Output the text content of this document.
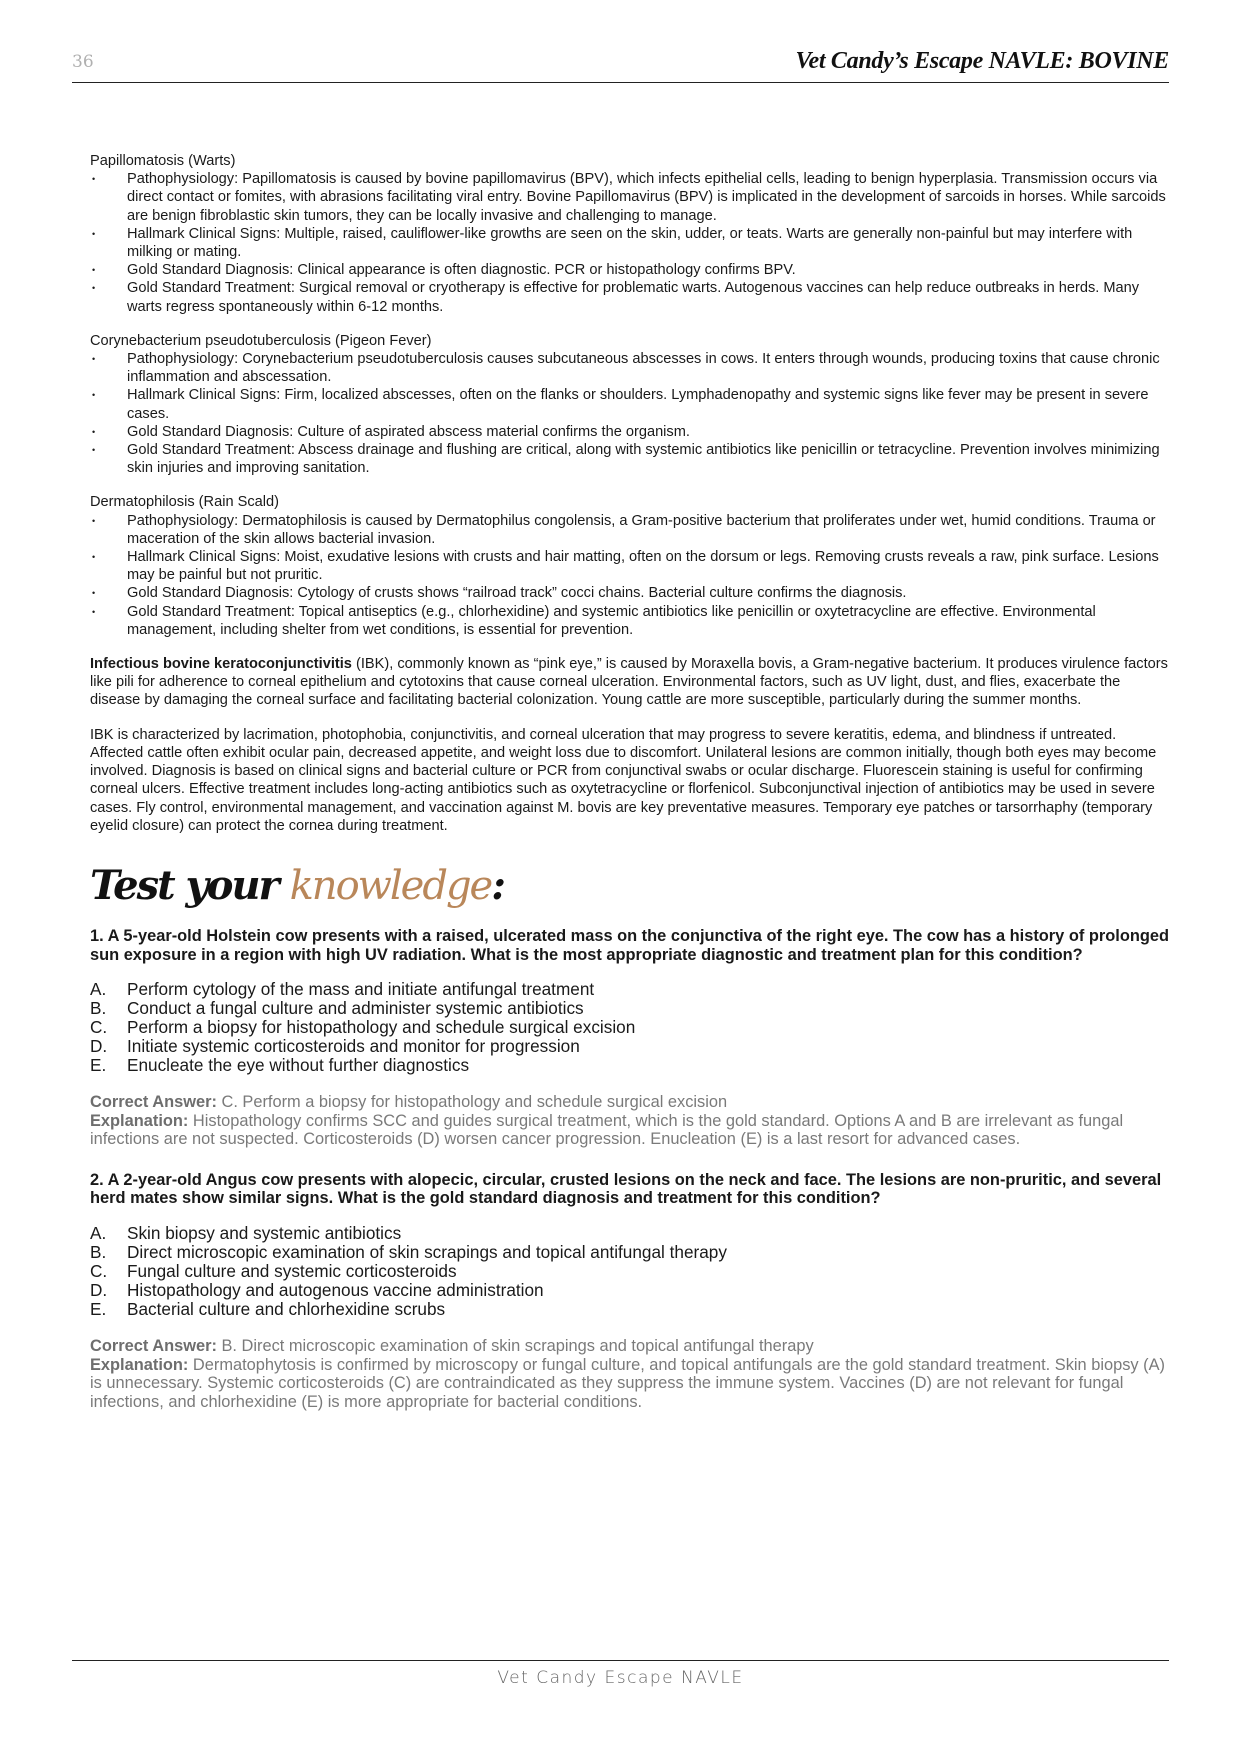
36	Vet Candy’s Escape NAVLE: BOVINE
Papillomatosis (Warts)
• Pathophysiology: Papillomatosis is caused by bovine papillomavirus (BPV), which infects epithelial cells, leading to benign hyperplasia. Transmission occurs via direct contact or fomites, with abrasions facilitating viral entry. Bovine Papillomavirus (BPV) is implicated in the development of sarcoids in horses. While sarcoids are benign fibroblastic skin tumors, they can be locally invasive and challenging to manage.
• Hallmark Clinical Signs: Multiple, raised, cauliflower-like growths are seen on the skin, udder, or teats. Warts are generally non-painful but may interfere with milking or mating.
• Gold Standard Diagnosis: Clinical appearance is often diagnostic. PCR or histopathology confirms BPV.
• Gold Standard Treatment: Surgical removal or cryotherapy is effective for problematic warts. Autogenous vaccines can help reduce outbreaks in herds. Many warts regress spontaneously within 6-12 months.
Corynebacterium pseudotuberculosis (Pigeon Fever)
• Pathophysiology: Corynebacterium pseudotuberculosis causes subcutaneous abscesses in cows. It enters through wounds, producing toxins that cause chronic inflammation and abscessation.
• Hallmark Clinical Signs: Firm, localized abscesses, often on the flanks or shoulders. Lymphadenopathy and systemic signs like fever may be present in severe cases.
• Gold Standard Diagnosis: Culture of aspirated abscess material confirms the organism.
• Gold Standard Treatment: Abscess drainage and flushing are critical, along with systemic antibiotics like penicillin or tetracycline. Prevention involves minimizing skin injuries and improving sanitation.
Dermatophilosis (Rain Scald)
• Pathophysiology: Dermatophilosis is caused by Dermatophilus congolensis, a Gram-positive bacterium that proliferates under wet, humid conditions. Trauma or maceration of the skin allows bacterial invasion.
• Hallmark Clinical Signs: Moist, exudative lesions with crusts and hair matting, often on the dorsum or legs. Removing crusts reveals a raw, pink surface. Lesions may be painful but not pruritic.
• Gold Standard Diagnosis: Cytology of crusts shows “railroad track” cocci chains. Bacterial culture confirms the diagnosis.
• Gold Standard Treatment: Topical antiseptics (e.g., chlorhexidine) and systemic antibiotics like penicillin or oxytetracycline are effective. Environmental management, including shelter from wet conditions, is essential for prevention.

Infectious bovine keratoconjunctivitis (IBK), commonly known as “pink eye,” is caused by Moraxella bovis, a Gram-negative bacterium. It produces virulence factors like pili for adherence to corneal epithelium and cytotoxins that cause corneal ulceration. Environmental factors, such as UV light, dust, and flies, exacerbate the disease by damaging the corneal surface and facilitating bacterial colonization. Young cattle are more susceptible, particularly during the summer months.

IBK is characterized by lacrimation, photophobia, conjunctivitis, and corneal ulceration that may progress to severe keratitis, edema, and blindness if untreated. Affected cattle often exhibit ocular pain, decreased appetite, and weight loss due to discomfort. Unilateral lesions are common initially, though both eyes may become involved. Diagnosis is based on clinical signs and bacterial culture or PCR from conjunctival swabs or ocular discharge. Fluorescein staining is useful for confirming corneal ulcers. Effective treatment includes long-acting antibiotics such as oxytetracycline or florfenicol. Subconjunctival injection of antibiotics may be used in severe cases. Fly control, environmental management, and vaccination against M. bovis are key preventative measures. Temporary eye patches or tarsorrhaphy (temporary eyelid closure) can protect the cornea during treatment.

Test your knowledge:
1. A 5-year-old Holstein cow presents with a raised, ulcerated mass on the conjunctiva of the right eye. The cow has a history of prolonged sun exposure in a region with high UV radiation. What is the most appropriate diagnostic and treatment plan for this condition?
A.	Perform cytology of the mass and initiate antifungal treatment
B.	Conduct a fungal culture and administer systemic antibiotics
C.	Perform a biopsy for histopathology and schedule surgical excision
D.	Initiate systemic corticosteroids and monitor for progression
E.	Enucleate the eye without further diagnostics
Correct Answer: C. Perform a biopsy for histopathology and schedule surgical excision
Explanation: Histopathology confirms SCC and guides surgical treatment, which is the gold standard. Options A and B are irrelevant as fungal infections are not suspected. Corticosteroids (D) worsen cancer progression. Enucleation (E) is a last resort for advanced cases.
2. A 2-year-old Angus cow presents with alopecic, circular, crusted lesions on the neck and face. The lesions are non-pruritic, and several herd mates show similar signs. What is the gold standard diagnosis and treatment for this condition?
A.	Skin biopsy and systemic antibiotics
B.	Direct microscopic examination of skin scrapings and topical antifungal therapy
C.	Fungal culture and systemic corticosteroids
D.	Histopathology and autogenous vaccine administration
E.	Bacterial culture and chlorhexidine scrubs
Correct Answer: B. Direct microscopic examination of skin scrapings and topical antifungal therapy
Explanation: Dermatophytosis is confirmed by microscopy or fungal culture, and topical antifungals are the gold standard treatment. Skin biopsy (A) is unnecessary. Systemic corticosteroids (C) are contraindicated as they suppress the immune system. Vaccines (D) are not relevant for fungal infections, and chlorhexidine (E) is more appropriate for bacterial conditions.
Vet Candy Escape NAVLE
